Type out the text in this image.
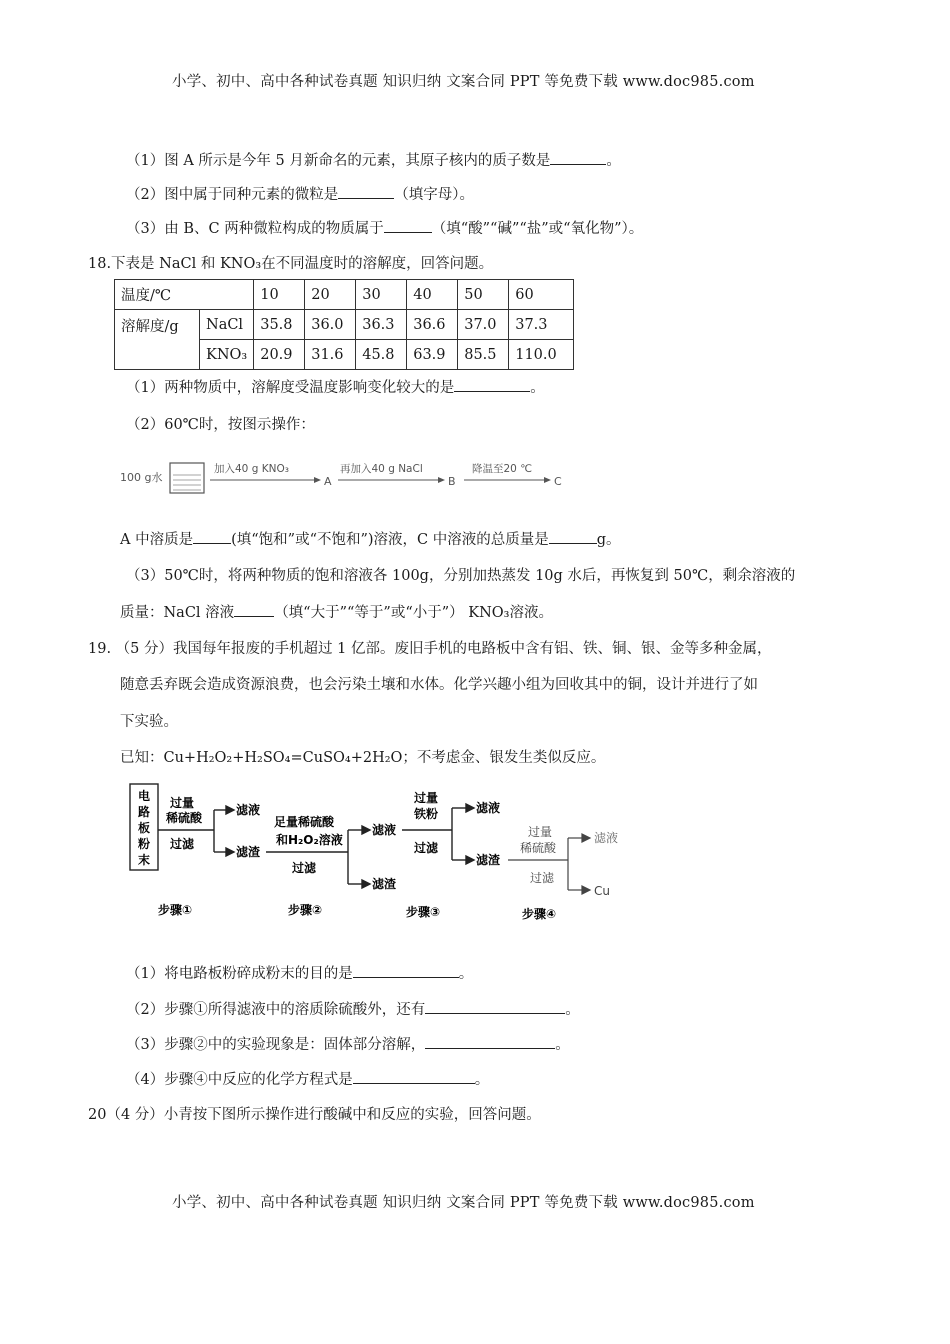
小学、初中、高中各种试卷真题 知识归纳 文案合同 PPT 等免费下载 www.doc985.com
（1）图 A 所示是今年 5 月新命名的元素，其原子核内的质子数是	。
（2）图中属于同种元素的微粒是	（填字母）。
（3）由 B、C 两种微粒构成的物质属于	（填“酸”“碱”“盐”或“氧化物”）。
18.下表是 NaCl 和 KNO₃在不同温度时的溶解度，回答问题。
温度/℃		10	20	30	40	50	60
溶解度/g	NaCl	35.8	36.0	36.3	36.6	37.0	37.3
	KNO₃	20.9	31.6	45.8	63.9	85.5	110.0
（1）两种物质中，溶解度受温度影响变化较大的是	。
（2）60℃时，按图示操作：
100 g水
加入40 g KNO₃
A
再加入40 g NaCl
B
降温至20 ℃
C
A 中溶质是	(填“饱和”或“不饱和”)溶液，C 中溶液的总质量是	g。
（3）50℃时，将两种物质的饱和溶液各 100g，分别加热蒸发 10g 水后，再恢复到 50℃，剩余溶液的
质量：NaCl 溶液	（填“大于”“等于”或“小于”） KNO₃溶液。
19. （5 分）我国每年报废的手机超过 1 亿部。废旧手机的电路板中含有铝、铁、铜、银、金等多种金属，
随意丢弃既会造成资源浪费，也会污染土壤和水体。化学兴趣小组为回收其中的铜，设计并进行了如
下实验。
已知：Cu+H₂O₂+H₂SO₄=CuSO₄+2H₂O；不考虑金、银发生类似反应。
电
路
板
粉
末
过量
稀硫酸
过滤
滤液
滤渣
足量稀硫酸
和H₂O₂溶液
过滤
滤液
滤渣
过量
铁粉
过滤
滤液
滤渣
过量
稀硫酸
过滤
滤液
Cu
步骤①	步骤②	步骤③	步骤④
（1）将电路板粉碎成粉末的目的是	。
（2）步骤①所得滤液中的溶质除硫酸外，还有	。
（3）步骤②中的实验现象是：固体部分溶解，	。
（4）步骤④中反应的化学方程式是	。
20（4 分）小青按下图所示操作进行酸碱中和反应的实验，回答问题。
小学、初中、高中各种试卷真题 知识归纳 文案合同 PPT 等免费下载 www.doc985.com
